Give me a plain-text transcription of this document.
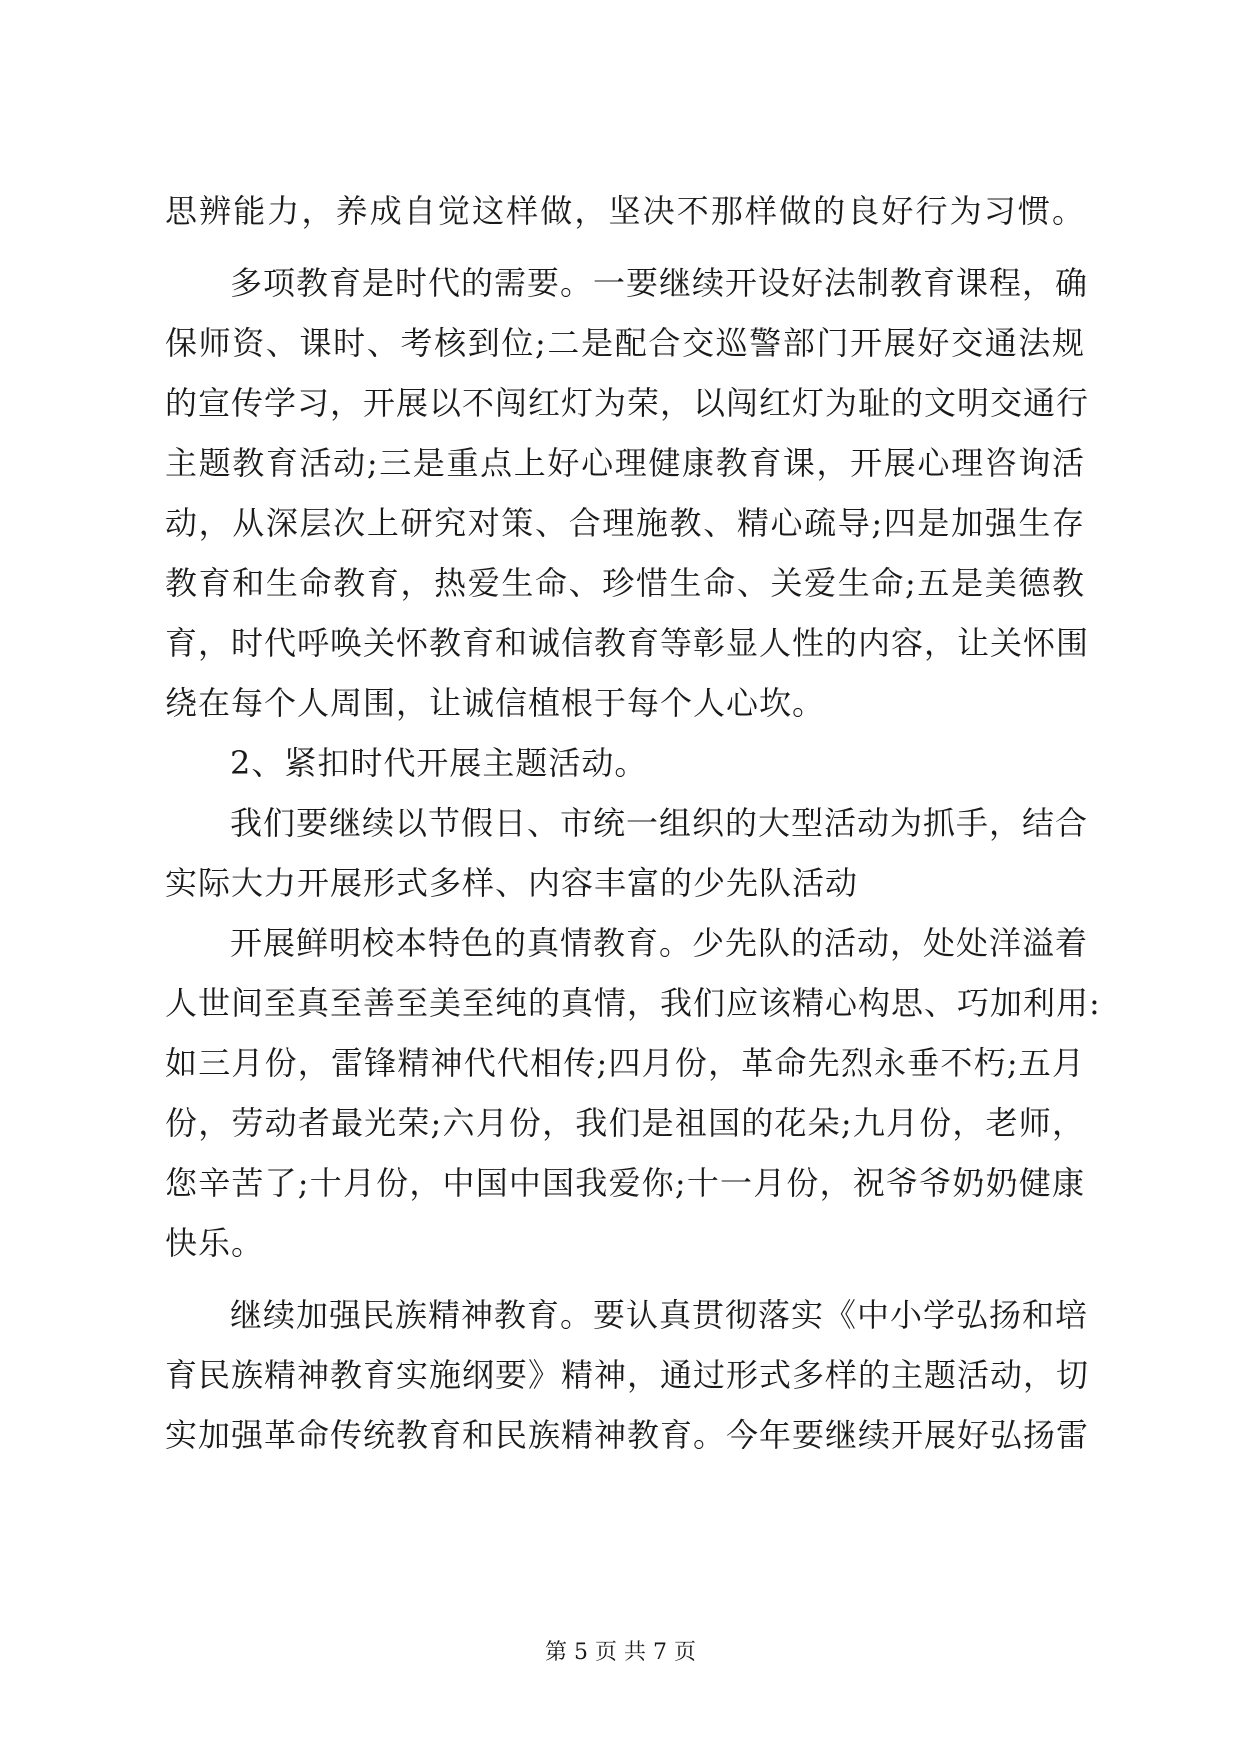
思辨能力，养成自觉这样做，坚决不那样做的良好行为习惯。
多项教育是时代的需要。一要继续开设好法制教育课程，确
保师资、课时、考核到位;二是配合交巡警部门开展好交通法规
的宣传学习，开展以不闯红灯为荣，以闯红灯为耻的文明交通行
主题教育活动;三是重点上好心理健康教育课，开展心理咨询活
动，从深层次上研究对策、合理施教、精心疏导;四是加强生存
教育和生命教育，热爱生命、珍惜生命、关爱生命;五是美德教
育，时代呼唤关怀教育和诚信教育等彰显人性的内容，让关怀围
绕在每个人周围，让诚信植根于每个人心坎。
2、紧扣时代开展主题活动。
我们要继续以节假日、市统一组织的大型活动为抓手，结合
实际大力开展形式多样、内容丰富的少先队活动
开展鲜明校本特色的真情教育。少先队的活动，处处洋溢着
人世间至真至善至美至纯的真情，我们应该精心构思、巧加利用:
如三月份，雷锋精神代代相传;四月份，革命先烈永垂不朽;五月
份，劳动者最光荣;六月份，我们是祖国的花朵;九月份，老师，
您辛苦了;十月份，中国中国我爱你;十一月份，祝爷爷奶奶健康
快乐。
继续加强民族精神教育。要认真贯彻落实《中小学弘扬和培
育民族精神教育实施纲要》精神，通过形式多样的主题活动，切
实加强革命传统教育和民族精神教育。今年要继续开展好弘扬雷
第 5 页 共 7 页
